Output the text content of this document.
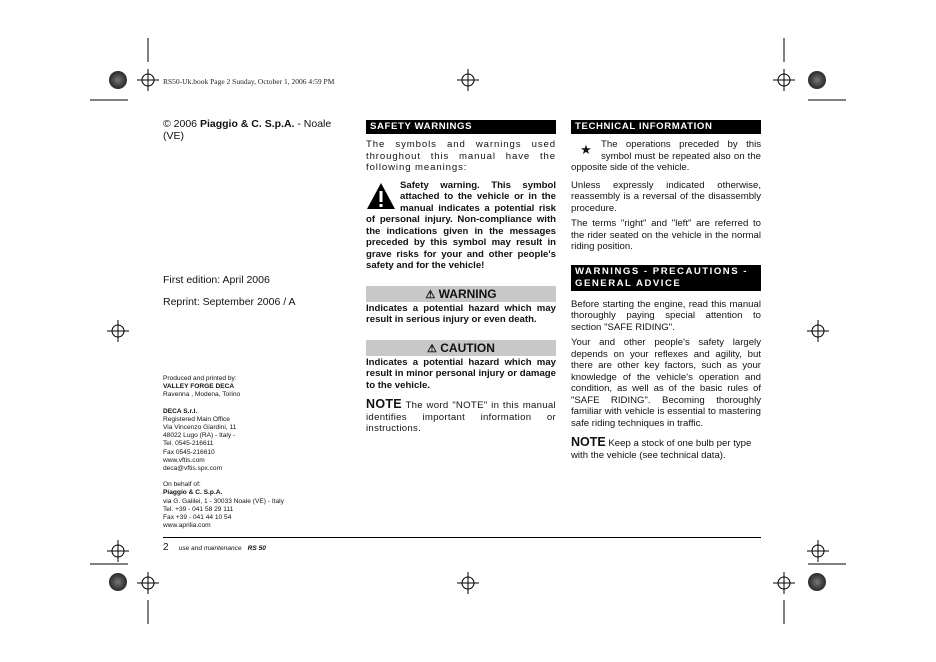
RS50-Uk.book Page 2 Sunday, October 1, 2006 4:59 PM
© 2006 Piaggio & C. S.p.A. - Noale (VE)
First edition: April 2006
Reprint: September 2006 / A
Produced and printed by:
VALLEY FORGE DECA
Ravenna , Modena, Torino
DECA S.r.l.
Registered Main Office
Via Vincenzo Giardini, 11
48022 Lugo (RA) - Italy -
Tel. 0545-216611
Fax 0545-216610
www.vftis.com
deca@vftis.spx.com
On behalf of:
Piaggio & C. S.p.A.
via G. Galilei, 1 - 30033 Noale (VE) - Italy
Tel. +39 - 041 58 29 111
Fax +39 - 041 44 10 54
www.aprilia.com
SAFETY WARNINGS

The symbols and warnings used throughout this manual have the following meanings:

Safety warning. This symbol attached to the vehicle or in the manual indicates a potential risk of personal injury. Non-compliance with the indications given in the messages preceded by this symbol may result in grave risks for your and other people's safety and for the vehicle!

⚠ WARNING

Indicates a potential hazard which may result in serious injury or even death.

⚠ CAUTION

Indicates a potential hazard which may result in minor personal injury or damage to the vehicle.

NOTE The word "NOTE" in this manual identifies important information or instructions.

TECHNICAL INFORMATION
★ The operations preceded by this symbol must be repeated also on the opposite side of the vehicle.

Unless expressly indicated otherwise, reassembly is a reversal of the disassembly procedure.

The terms "right" and "left" are referred to the rider seated on the vehicle in the normal riding position.

WARNINGS - PRECAUTIONS -
GENERAL ADVICE

Before starting the engine, read this manual thoroughly paying special attention to section "SAFE RIDING".

Your and other people's safety largely depends on your reflexes and agility, but there are other key factors, such as your knowledge of the vehicle's operation and condition, as well as of the basic rules of "SAFE RIDING". Becoming thoroughly familiar with vehicle is essential to mastering safe riding techniques in traffic.

NOTE Keep a stock of one bulb per type with the vehicle (see technical data).

2 use and maintenance RS 50
